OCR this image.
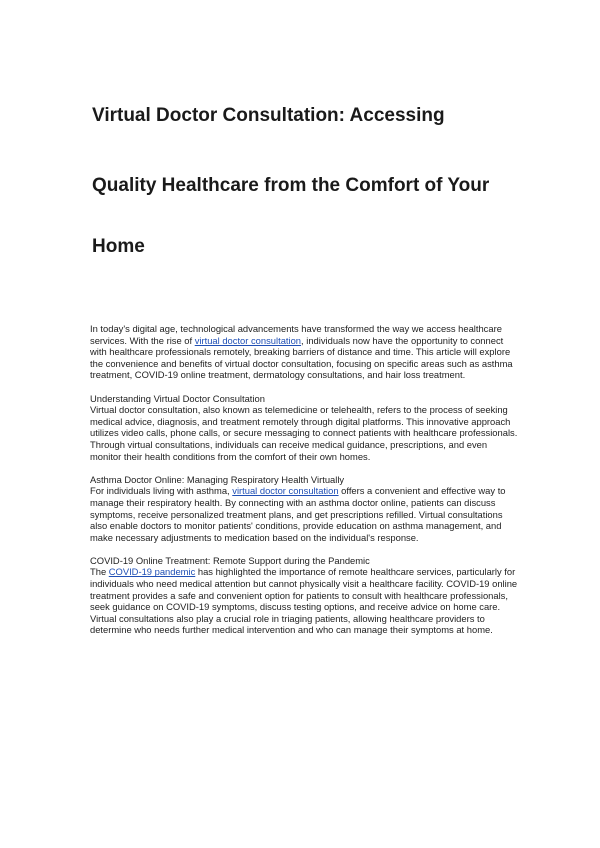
Virtual Doctor Consultation: Accessing
Quality Healthcare from the Comfort of Your
Home

In today's digital age, technological advancements have transformed the way we access healthcare services. With the rise of virtual doctor consultation, individuals now have the opportunity to connect with healthcare professionals remotely, breaking barriers of distance and time. This article will explore the convenience and benefits of virtual doctor consultation, focusing on specific areas such as asthma treatment, COVID-19 online treatment, dermatology consultations, and hair loss treatment.

Understanding Virtual Doctor Consultation
Virtual doctor consultation, also known as telemedicine or telehealth, refers to the process of seeking medical advice, diagnosis, and treatment remotely through digital platforms. This innovative approach utilizes video calls, phone calls, or secure messaging to connect patients with healthcare professionals. Through virtual consultations, individuals can receive medical guidance, prescriptions, and even monitor their health conditions from the comfort of their own homes.

Asthma Doctor Online: Managing Respiratory Health Virtually
For individuals living with asthma, virtual doctor consultation offers a convenient and effective way to manage their respiratory health. By connecting with an asthma doctor online, patients can discuss symptoms, receive personalized treatment plans, and get prescriptions refilled. Virtual consultations also enable doctors to monitor patients' conditions, provide education on asthma management, and make necessary adjustments to medication based on the individual's response.

COVID-19 Online Treatment: Remote Support during the Pandemic
The COVID-19 pandemic has highlighted the importance of remote healthcare services, particularly for individuals who need medical attention but cannot physically visit a healthcare facility. COVID-19 online treatment provides a safe and convenient option for patients to consult with healthcare professionals, seek guidance on COVID-19 symptoms, discuss testing options, and receive advice on home care. Virtual consultations also play a crucial role in triaging patients, allowing healthcare providers to determine who needs further medical intervention and who can manage their symptoms at home.
